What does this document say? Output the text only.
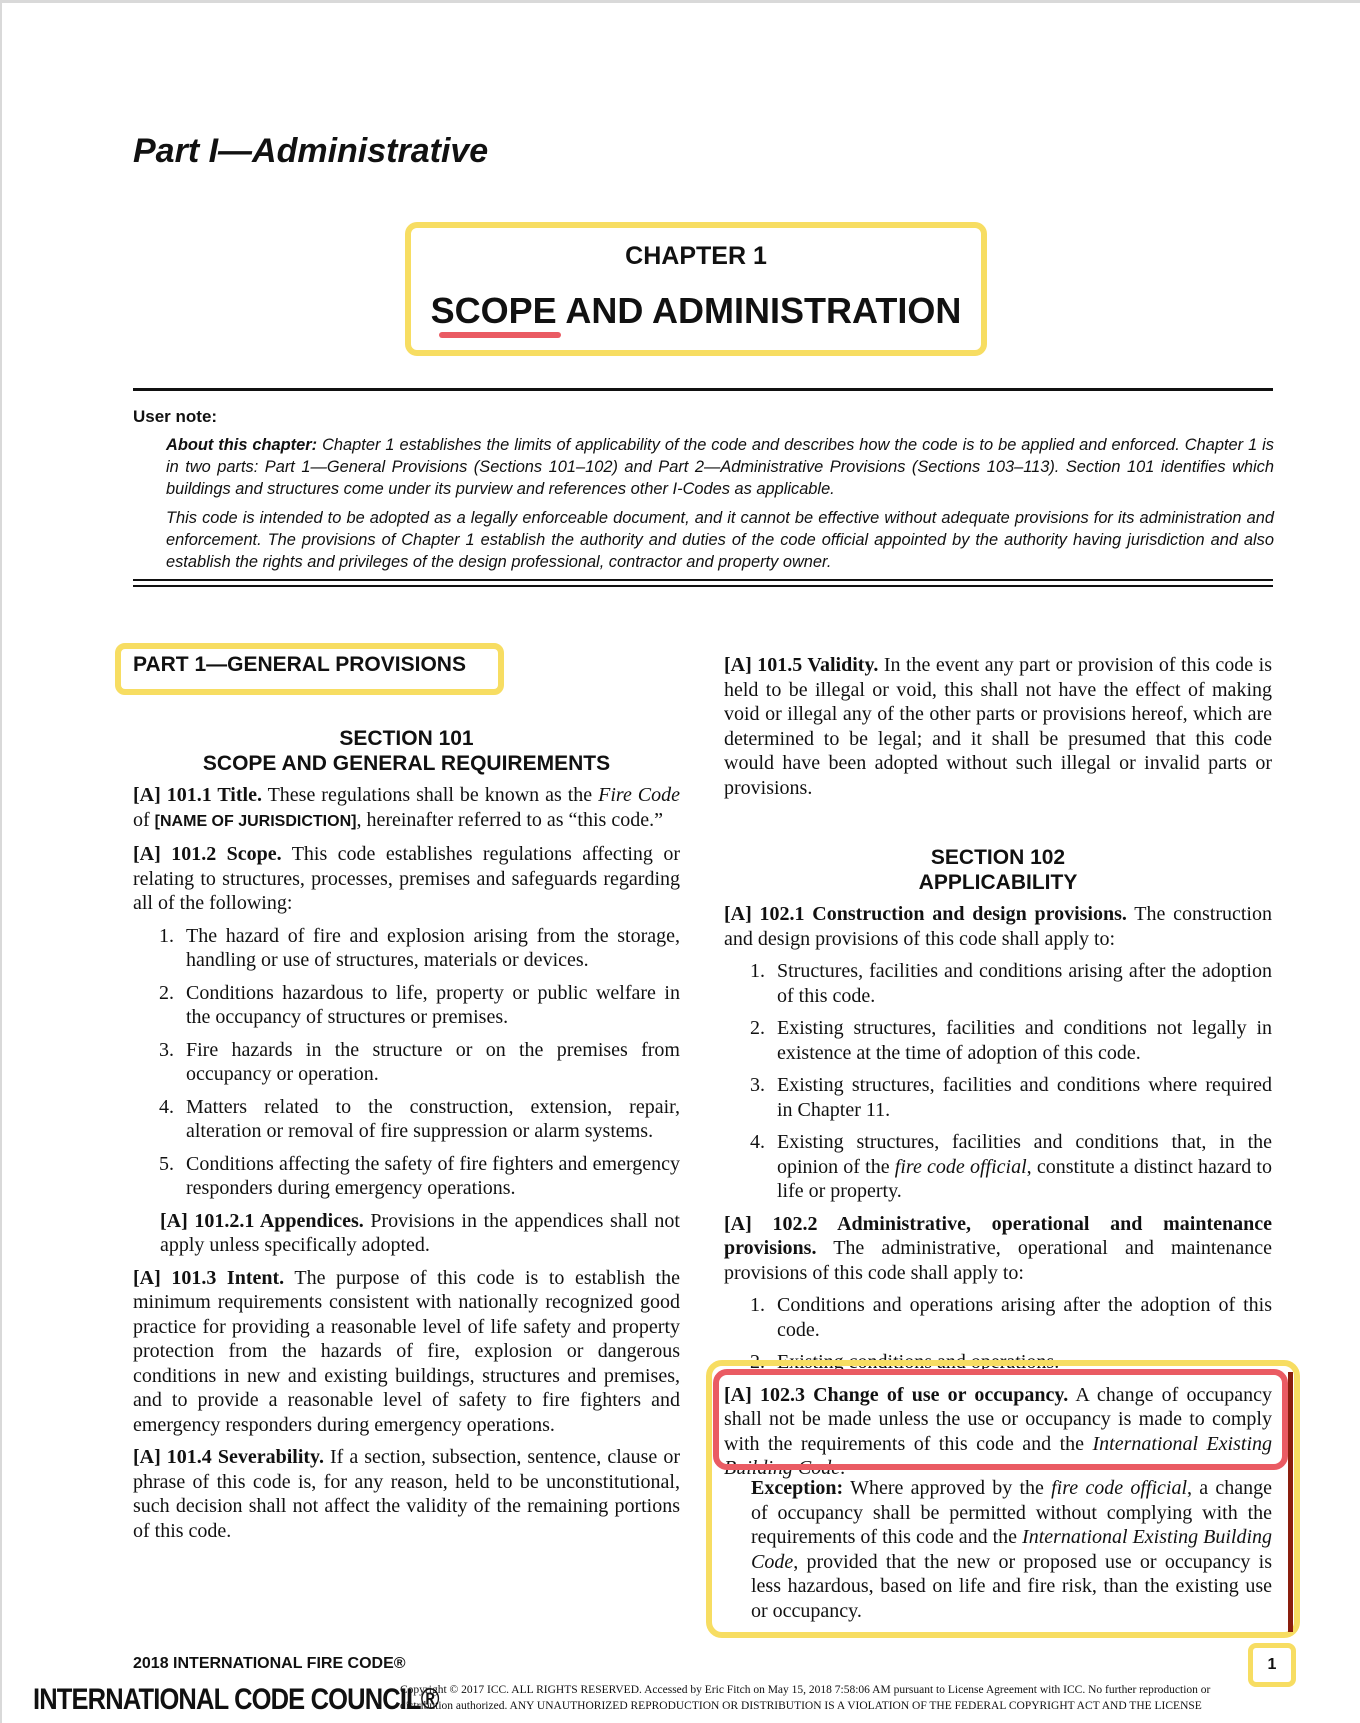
Part I—Administrative
CHAPTER 1
SCOPE AND ADMINISTRATION
User note:
About this chapter: Chapter 1 establishes the limits of applicability of the code and describes how the code is to be applied and enforced. Chapter 1 is in two parts: Part 1—General Provisions (Sections 101–102) and Part 2—Administrative Provisions (Sections 103–113). Section 101 identifies which buildings and structures come under its purview and references other I-Codes as applicable.
This code is intended to be adopted as a legally enforceable document, and it cannot be effective without adequate provisions for its administration and enforcement. The provisions of Chapter 1 establish the authority and duties of the code official appointed by the authority having jurisdiction and also establish the rights and privileges of the design professional, contractor and property owner.
PART 1—GENERAL PROVISIONS
SECTION 101
SCOPE AND GENERAL REQUIREMENTS

[A] 101.1 Title. These regulations shall be known as the Fire Code of [NAME OF JURISDICTION], hereinafter referred to as “this code.”

[A] 101.2 Scope. This code establishes regulations affecting or relating to structures, processes, premises and safeguards regarding all of the following:

1. The hazard of fire and explosion arising from the storage, handling or use of structures, materials or devices.
2. Conditions hazardous to life, property or public welfare in the occupancy of structures or premises.
3. Fire hazards in the structure or on the premises from occupancy or operation.
4. Matters related to the construction, extension, repair, alteration or removal of fire suppression or alarm systems.
5. Conditions affecting the safety of fire fighters and emergency responders during emergency operations.

[A] 101.2.1 Appendices. Provisions in the appendices shall not apply unless specifically adopted.

[A] 101.3 Intent. The purpose of this code is to establish the minimum requirements consistent with nationally recognized good practice for providing a reasonable level of life safety and property protection from the hazards of fire, explosion or dangerous conditions in new and existing buildings, structures and premises, and to provide a reasonable level of safety to fire fighters and emergency responders during emergency operations.

[A] 101.4 Severability. If a section, subsection, sentence, clause or phrase of this code is, for any reason, held to be unconstitutional, such decision shall not affect the validity of the remaining portions of this code.

[A] 101.5 Validity. In the event any part or provision of this code is held to be illegal or void, this shall not have the effect of making void or illegal any of the other parts or provisions hereof, which are determined to be legal; and it shall be presumed that this code would have been adopted without such illegal or invalid parts or provisions.

SECTION 102
APPLICABILITY

[A] 102.1 Construction and design provisions. The construction and design provisions of this code shall apply to:

1. Structures, facilities and conditions arising after the adoption of this code.
2. Existing structures, facilities and conditions not legally in existence at the time of adoption of this code.
3. Existing structures, facilities and conditions where required in Chapter 11.
4. Existing structures, facilities and conditions that, in the opinion of the fire code official, constitute a distinct hazard to life or property.

[A] 102.2 Administrative, operational and maintenance provisions. The administrative, operational and maintenance provisions of this code shall apply to:

1. Conditions and operations arising after the adoption of this code.
2. Existing conditions and operations.

[A] 102.3 Change of use or occupancy. A change of occupancy shall not be made unless the use or occupancy is made to comply with the requirements of this code and the International Existing Building Code.

Exception: Where approved by the fire code official, a change of occupancy shall be permitted without complying with the requirements of this code and the International Existing Building Code, provided that the new or proposed use or occupancy is less hazardous, based on life and fire risk, than the existing use or occupancy.

2018 INTERNATIONAL FIRE CODE®	1
INTERNATIONAL CODE COUNCIL®
Copyright © 2017 ICC. ALL RIGHTS RESERVED. Accessed by Eric Fitch on May 15, 2018 7:58:06 AM pursuant to License Agreement with ICC. No further reproduction or
distribution authorized. ANY UNAUTHORIZED REPRODUCTION OR DISTRIBUTION IS A VIOLATION OF THE FEDERAL COPYRIGHT ACT AND THE LICENSE
